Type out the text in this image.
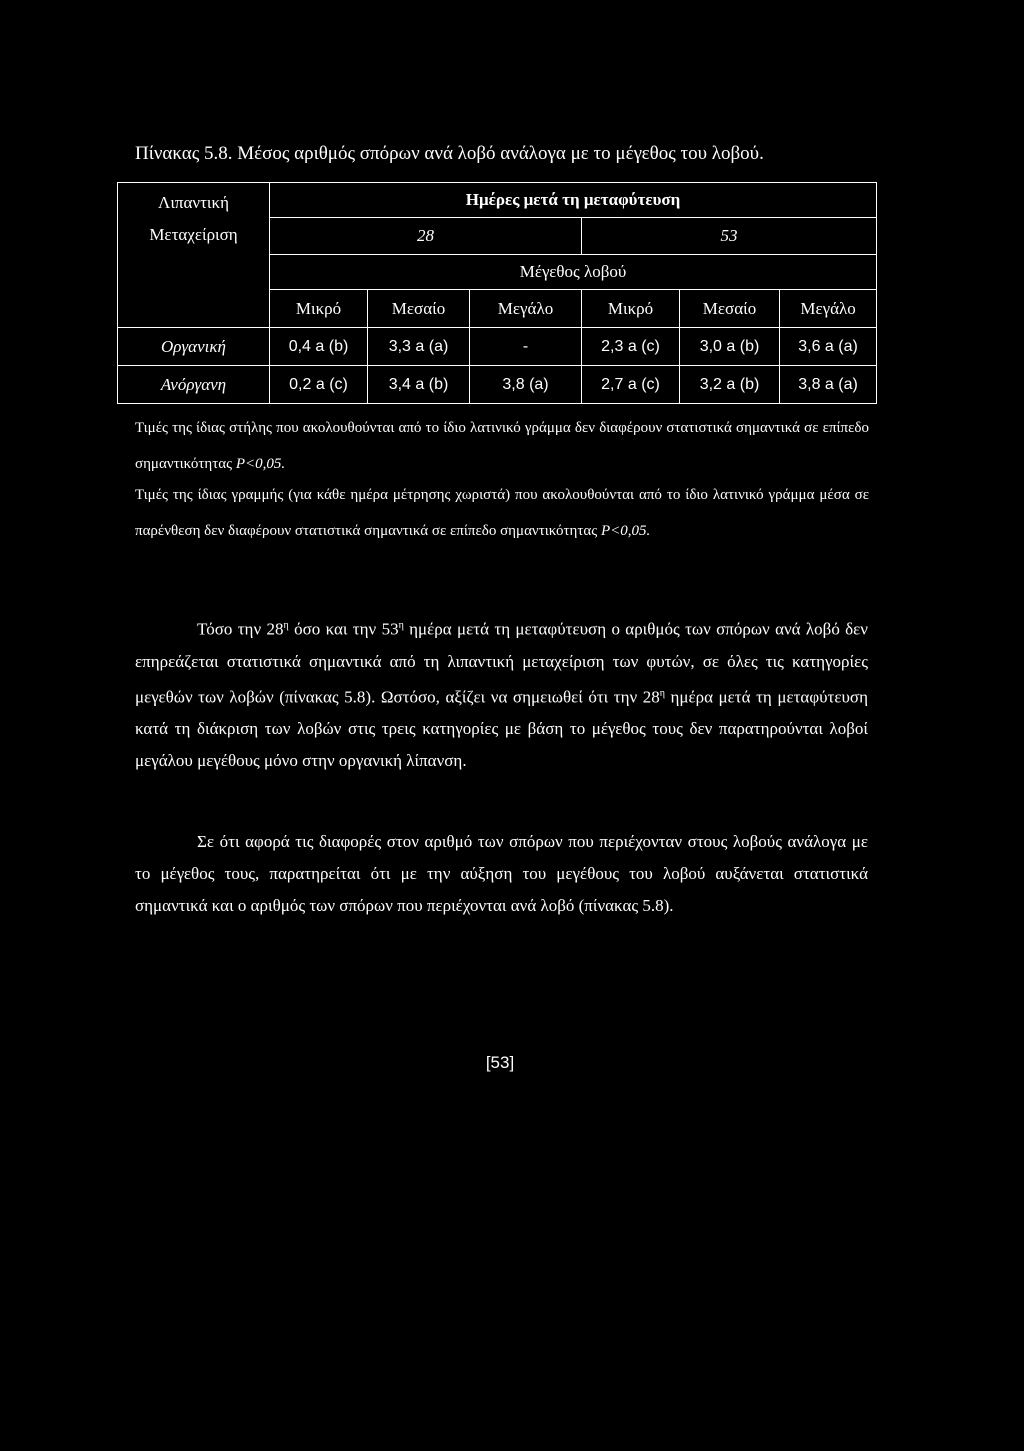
Πίνακας 5.8. Μέσος αριθμός σπόρων ανά λοβό ανάλογα με το μέγεθος του λοβού.
Λιπαντική
Μεταχείριση	Ημέρες μετά τη μεταφύτευση					
	28			53		
	Μέγεθος λοβού					
	Μικρό	Μεσαίο	Μεγάλο	Μικρό	Μεσαίο	Μεγάλο
Οργανική	0,4 a (b)	3,3 a (a)	-	2,3 a (c)	3,0 a (b)	3,6 a (a)
Ανόργανη	0,2 a (c)	3,4 a (b)	3,8 (a)	2,7 a (c)	3,2 a (b)	3,8 a (a)
Τιμές της ίδιας στήλης που ακολουθούνται από το ίδιο λατινικό γράμμα δεν διαφέρουν στατιστικά σημαντικά σε επίπεδο σημαντικότητας P<0,05.
Τιμές της ίδιας γραμμής (για κάθε ημέρα μέτρησης χωριστά) που ακολουθούνται από το ίδιο λατινικό γράμμα μέσα σε παρένθεση δεν διαφέρουν στατιστικά σημαντικά σε επίπεδο σημαντικότητας P<0,05.

Τόσο την $28^\eta$ όσο και την $53^\eta$ ημέρα μετά τη μεταφύτευση ο αριθμός των σπόρων ανά λοβό δεν επηρεάζεται στατιστικά σημαντικά από τη λιπαντική μεταχείριση των φυτών, σε όλες τις κατηγορίες μεγεθών των λοβών (πίνακας 5.8). Ωστόσο, αξίζει να σημειωθεί ότι την $28^\eta$ ημέρα μετά τη μεταφύτευση κατά τη διάκριση των λοβών στις τρεις κατηγορίες με βάση το μέγεθος τους δεν παρατηρούνται λοβοί μεγάλου μεγέθους μόνο στην οργανική λίπανση.

Σε ότι αφορά τις διαφορές στον αριθμό των σπόρων που περιέχονταν στους λοβούς ανάλογα με το μέγεθος τους, παρατηρείται ότι με την αύξηση του μεγέθους του λοβού αυξάνεται στατιστικά σημαντικά και ο αριθμός των σπόρων που περιέχονται ανά λοβό (πίνακας 5.8).

[53]
